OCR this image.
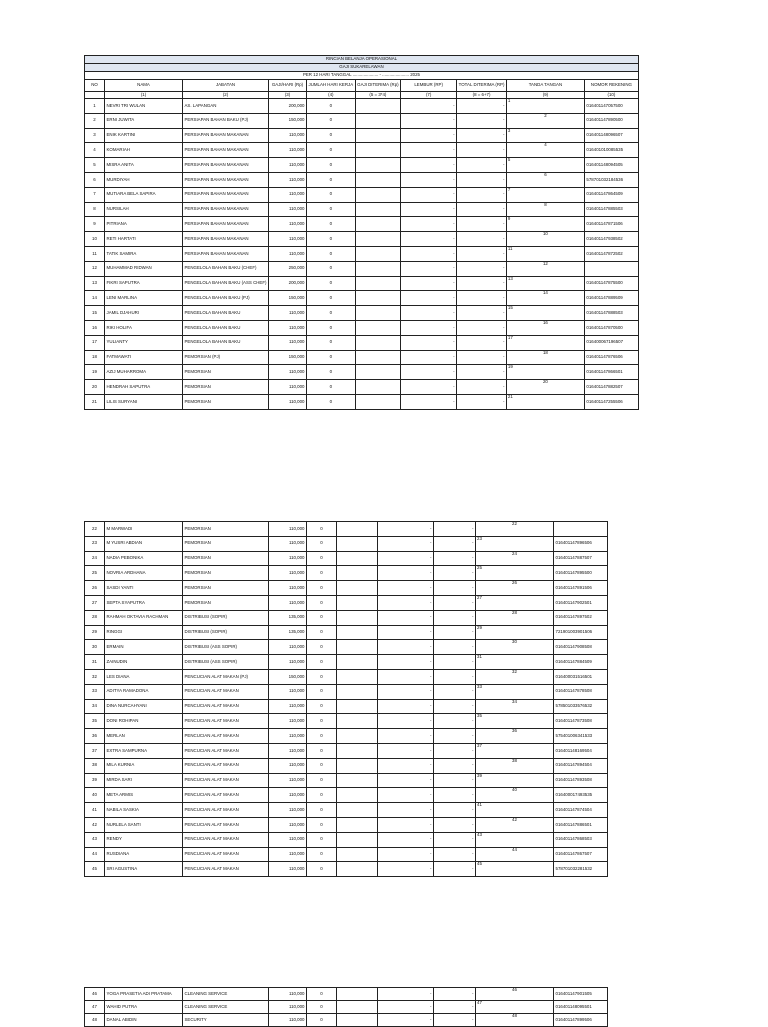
RINCIAN BELANJA OPERASIONAL									
GAJI SUKARELAWAN									
PER 12 HARI TANGGAL ..................... - ...................... 2025									
NO	NAMA	JABATAN	GAJI/HARI (Rp)	JUMLAH HARI KERJA	GAJI DITERIMA (Rp)	LEMBUR (RP)	TOTAL DITERIMA (RP)	TANDA TANGAN	NOMOR REKENING
	(1)	(2)	(3)	(4)	(5 = 3*4)	(7)	(8 = 6+7)	(9)	(10)
1	NEVRI TRI WULAN	AS. LAPANGAN	200,000	0		-	-	1	016401147057500
2	ERNI JUWITA	PERSIAPAN BAHAN BAKU (PJ)	150,000	0		-	-	2	016401147890500
3	ENIK KARTINI	PERSIAPAN BAHAN MAKANAN	110,000	0		-	-	3	016401148096507
4	KOMARIAH	PERSIAPAN BAHAN MAKANAN	110,000	0		-	-	4	016401010085535
5	MISRA ANITA	PERSIAPAN BAHAN MAKANAN	110,000	0		-	-	5	016401148094505
6	MURDIYAH	PERSIAPAN BAHAN MAKANAN	110,000	0		-	-	6	578701032184536
7	MUTIARA BELA SAPIRA	PERSIAPAN BAHAN MAKANAN	110,000	0		-	-	7	016401147864509
8	NURSILAH	PERSIAPAN BAHAN MAKANAN	110,000	0		-	-	8	016401147885503
9	PITRIANA	PERSIAPAN BAHAN MAKANAN	110,000	0		-	-	9	016401147871506
10	RETI HARTATI	PERSIAPAN BAHAN MAKANAN	110,000	0		-	-	10	016401147938502
11	TATIK SAMIRA	PERSIAPAN BAHAN MAKANAN	110,000	0		-	-	11	016401147872502
12	MUHAMMAD RIDWAN	PENGELOLA BAHAN BAKU (CHEF)	250,000	0		-	-	12	

13	FIKRI SAPUTRA	PENGELOLA BAHAN BAKU (ASS CHEF)	200,000	0		-	-	13	016401147875500
14	LENI MARLINA	PENGELOLA BAHAN BAKU (PJ)	150,000	0		-	-	14	016401147889509
15	JAMIL DJAHURI	PENGELOLA BAHAN BAKU	110,000	0		-	-	15	016401147888503
16	RIKI HOLIFA	PENGELOLA BAHAN BAKU	110,000	0		-	-	16	016401147870500
17	YULIANTY	PENGELOLA BAHAN BAKU	110,000	0		-	-	17	016400067196507
18	FATMAWATI	PEMORSIAN (PJ)	150,000	0		-	-	18	016401147876506
19	AZIJ MUHARROMA	PEMORSIAN	110,000	0		-	-	19	016401147866501
20	HENDRAH SAPUTRA	PEMORSIAN	110,000	0		-	-	20	016401147882507
21	LILIS SURYANI	PEMORSIAN	110,000	0		-	-	21	016401147255506
22	M MARWADI	PEMORSIAN	110,000	0		-	-	22	

23	M YUSRI ABDIAN	PEMORSIAN	110,000	0		-	-	23	016401147896506
24	NADIA PEBONIKA	PEMORSIAN	110,000	0		-	-	24	016401147887507
25	NOVRIA ARDHANA	PEMORSIAN	110,000	0		-	-	25	016401147895500
26	SASDI YANTI	PEMORSIAN	110,000	0		-	-	26	016401147891506
27	SEPTA SYAPUTRA	PEMORSIAN	110,000	0		-	-	27	016401147902501
28	RAHMAH OKTAVIA RACHMAN	DISTRIBUSI (SOPIR)	135,000	0		-	-	28	016401147897502
29	RINGGI	DISTRIBUSI (SOPIR)	135,000	0		-	-	29	721901003901506
30	ERMAIN	DISTRIBUSI (ASS SOPIR)	110,000	0		-	-	30	016401147908508
31	ZAINUDIN	DISTRIBUSI (ASS SOPIR)	110,000	0		-	-	31	016401147884509
32	LES DIANA	PENCUCIAN ALAT MAKAN (PJ)	150,000	0		-	-	32	016400031516501
33	ADITYA RAMADONA	PENCUCIAN ALAT MAKAN	110,000	0		-	-	33	016401147878508
34	DINA NURCAHYANI	PENCUCIAN ALAT MAKAN	110,000	0		-	-	34	578501033576532
35	DONI ROHIPAN	PENCUCIAN ALAT MAKAN	110,000	0		-	-	35	016401147873508
36	MERLAN	PENCUCIAN ALAT MAKAN	110,000	0		-	-	36	575401006341533
37	EXTRA SAMPURNA	PENCUCIAN ALAT MAKAN	110,000	0		-	-	37	016401148169504
38	MILA KURNIA	PENCUCIAN ALAT MAKAN	110,000	0		-	-	38	016401147894504
39	MIRDA SARI	PENCUCIAN ALAT MAKAN	110,000	0		-	-	39	016401147893508
40	META ARMIS	PENCUCIAN ALAT MAKAN	110,000	0		-	-	40	016400017493535
41	NABILA SASKIA	PENCUCIAN ALAT MAKAN	110,000	0		-	-	41	016401147874504
42	NURLELA SANTI	PENCUCIAN ALAT MAKAN	110,000	0		-	-	42	016401147886501
43	RENDY	PENCUCIAN ALAT MAKAN	110,000	0		-	-	43	016401147868503
44	RUSDIANA	PENCUCIAN ALAT MAKAN	110,000	0		-	-	44	016401147867507
45	SRI AGUSTINA	PENCUCIAN ALAT MAKAN	110,000	0		-	-	45	578701032281532
46	YOGA PRASETIA ADI PRATAMA	CLEANING SERVICE	110,000	0		-	-	46	016401147901505
47	WAHID PUTRA	CLEANING SERVICE	110,000	0		-	-	47	016401148095501
48	DANAL ABIDIN	SECURITY	110,000	0		-	-	48	016401147899506
